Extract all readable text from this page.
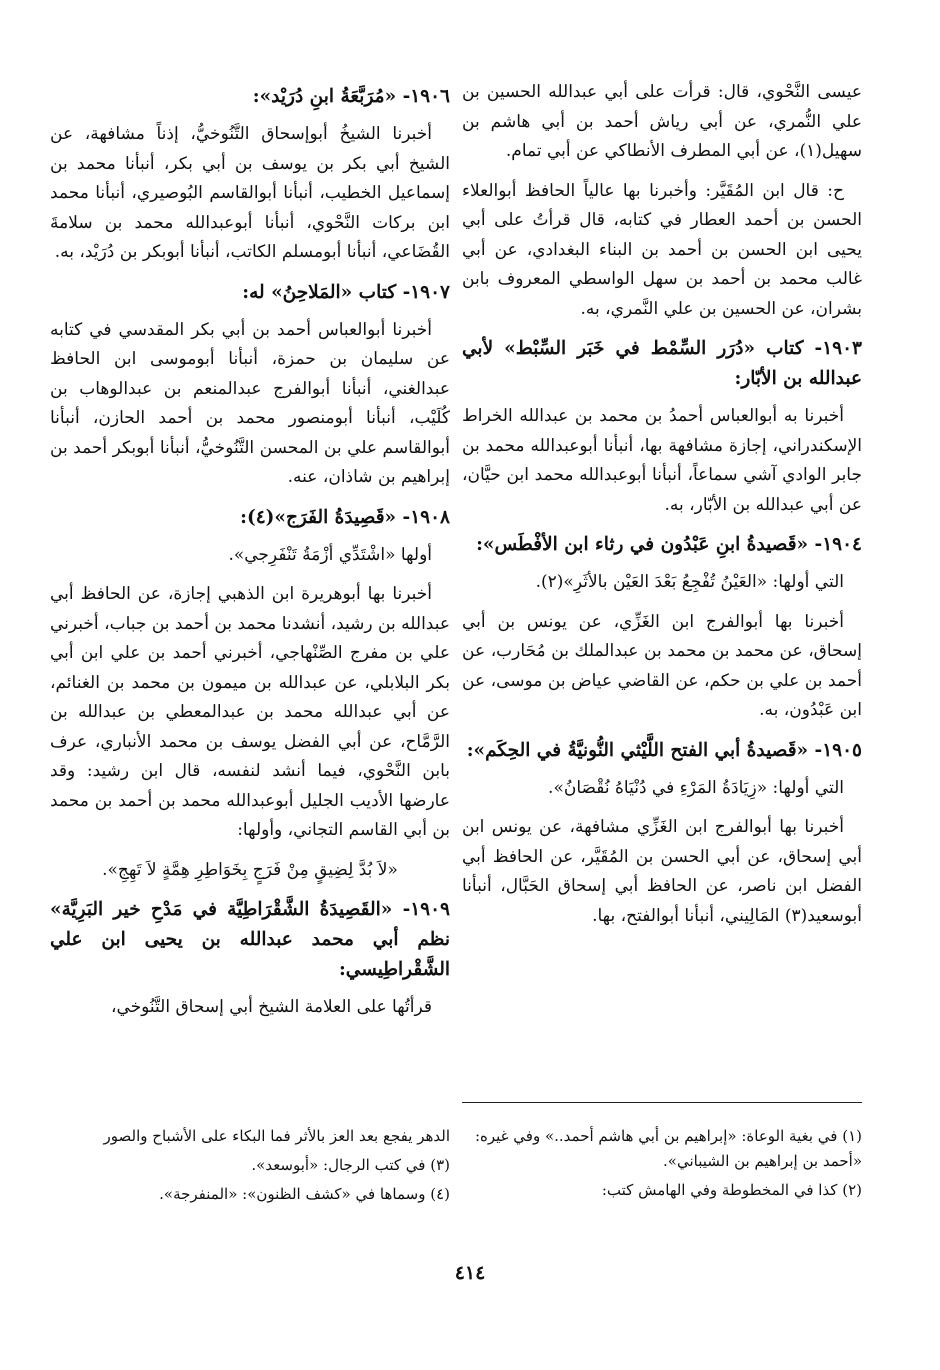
عيسى النَّحْوي، قال: قرأت على أبي عبدالله الحسين بن علي النُّمري، عن أبي رياش أحمد بن أبي هاشم بن سهيل(١)، عن أبي المطرف الأنطاكي عن أبي تمام.

ح: قال ابن المُقَيَّر: وأخبرنا بها عالياً الحافظ أبوالعلاء الحسن بن أحمد العطار في كتابه، قال قرأتُ على أبي يحيى ابن الحسن بن أحمد بن البناء البغدادي، عن أبي غالب محمد بن أحمد بن سهل الواسطي المعروف بابن بشران، عن الحسين بن علي النَّمري، به.

١٩٠٣- كتاب «دُرَر السِّمْط في خَبَر السِّبْط» لأبي عبدالله بن الأبّار:

أخبرنا به أبوالعباس أحمدُ بن محمد بن عبدالله الخراط الإسكندراني، إجازة مشافهة بها، أنبأنا أبوعبدالله محمد بن جابر الوادي آشي سماعاً، أنبأنا أبوعبدالله محمد ابن حيَّان، عن أبي عبدالله بن الأبّار، به.

١٩٠٤- «قَصيدةُ ابنِ عَبْدُون في رثاء ابن الأفْطَس»:

التي أولها: «العَيْنُ تُفْجِعُ بَعْدَ العَيْن بالأثَرِ»(٢).

أخبرنا بها أبوالفرج ابن الغَزِّي، عن يونس بن أبي إسحاق، عن محمد بن محمد بن عبدالملك بن مُحَارب، عن أحمد بن علي بن حكم، عن القاضي عياض بن موسى، عن ابن عَبْدُون، به.

١٩٠٥- «قَصيدةُ أبي الفتح اللَّيْثي النُّونيَّةُ في الحِكَم»:

التي أولها: «زِيَادَةُ المَرْءِ في دُنْيَاهُ نُقْصَانُ».

أخبرنا بها أبوالفرج ابن الغَزِّي مشافهة، عن يونس ابن أبي إسحاق، عن أبي الحسن بن المُقَيَّر، عن الحافظ أبي الفضل ابن ناصر، عن الحافظ أبي إسحاق الحَبَّال، أنبأنا أبوسعيد(٣) المَالِيني، أنبأنا أبوالفتح، بها.

١٩٠٦- «مُرَبَّعَةُ ابنِ دُرَيْد»:

أخبرنا الشيخُ أبوإسحاق التَّنُوخيُّ، إذناً مشافهة، عن الشيخ أبي بكر بن يوسف بن أبي بكر، أنبأنا محمد بن إسماعيل الخطيب، أنبأنا أبوالقاسم البُوصيري، أنبأنا محمد ابن بركات النَّحْوي، أنبأنا أبوعبدالله محمد بن سلامةَ القُضَاعي، أنبأنا أبومسلم الكاتب، أنبأنا أبوبكر بن دُرَيْد، به.

١٩٠٧- كتاب «المَلاحِنُ» له:

أخبرنا أبوالعباس أحمد بن أبي بكر المقدسي في كتابه عن سليمان بن حمزة، أنبأنا أبوموسى ابن الحافظ عبدالغني، أنبأنا أبوالفرج عبدالمنعم بن عبدالوهاب بن كُلَيْب، أنبأنا أبومنصور محمد بن أحمد الحازن، أنبأنا أبوالقاسم علي بن المحسن التَّنُوخيُّ، أنبأنا أبوبكر أحمد بن إبراهيم بن شاذان، عنه.

١٩٠٨- «قَصِيدَةُ الفَرَج»(٤):

أولها «اشْتَدِّي أزْمَةُ تَنْفَرِجي».

أخبرنا بها أبوهريرة ابن الذهبي إجازة، عن الحافظ أبي عبدالله بن رشيد، أنشدنا محمد بن أحمد بن جباب، أخبرني علي بن مفرج الصِّنْهاجي، أخبرني أحمد بن علي ابن أبي بكر البلابلي، عن عبدالله بن ميمون بن محمد بن الغنائم، عن أبي عبدالله محمد بن عبدالمعطي بن عبدالله بن الرَّمَّاح، عن أبي الفضل يوسف بن محمد الأنباري، عرف بابن النَّحْوي، فيما أنشد لنفسه، قال ابن رشيد: وقد عارضها الأديب الجليل أبوعبدالله محمد بن أحمد بن محمد بن أبي القاسم التجاني، وأولها:

«لاَ بُدَّ لِضِيقٍ مِنْ فَرَجٍ بِخَوَاطِرِ هِمَّةٍ لاَ تَهِجِ».

١٩٠٩- «القَصِيدَةُ الشَّقْرَاطِيَّة في مَدْحِ خير البَرِيَّة» نظم أبي محمد عبدالله بن يحيى ابن علي الشَّقْراطِيسي:

قرأتُها على العلامة الشيخ أبي إسحاق التَّنُوخي،

(١) في بغية الوعاة: «إبراهيم بن أبي هاشم أحمد..» وفي غيره: «أحمد بن إبراهيم بن الشيباني».
(٢) كذا في المخطوطة وفي الهامش كتب:
الدهر يفجع بعد العز بالأثر فما البكاء على الأشباح والصور
(٣) في كتب الرجال: «أبوسعد».
(٤) وسماها في «كشف الظنون»: «المنفرجة».
٤١٤
